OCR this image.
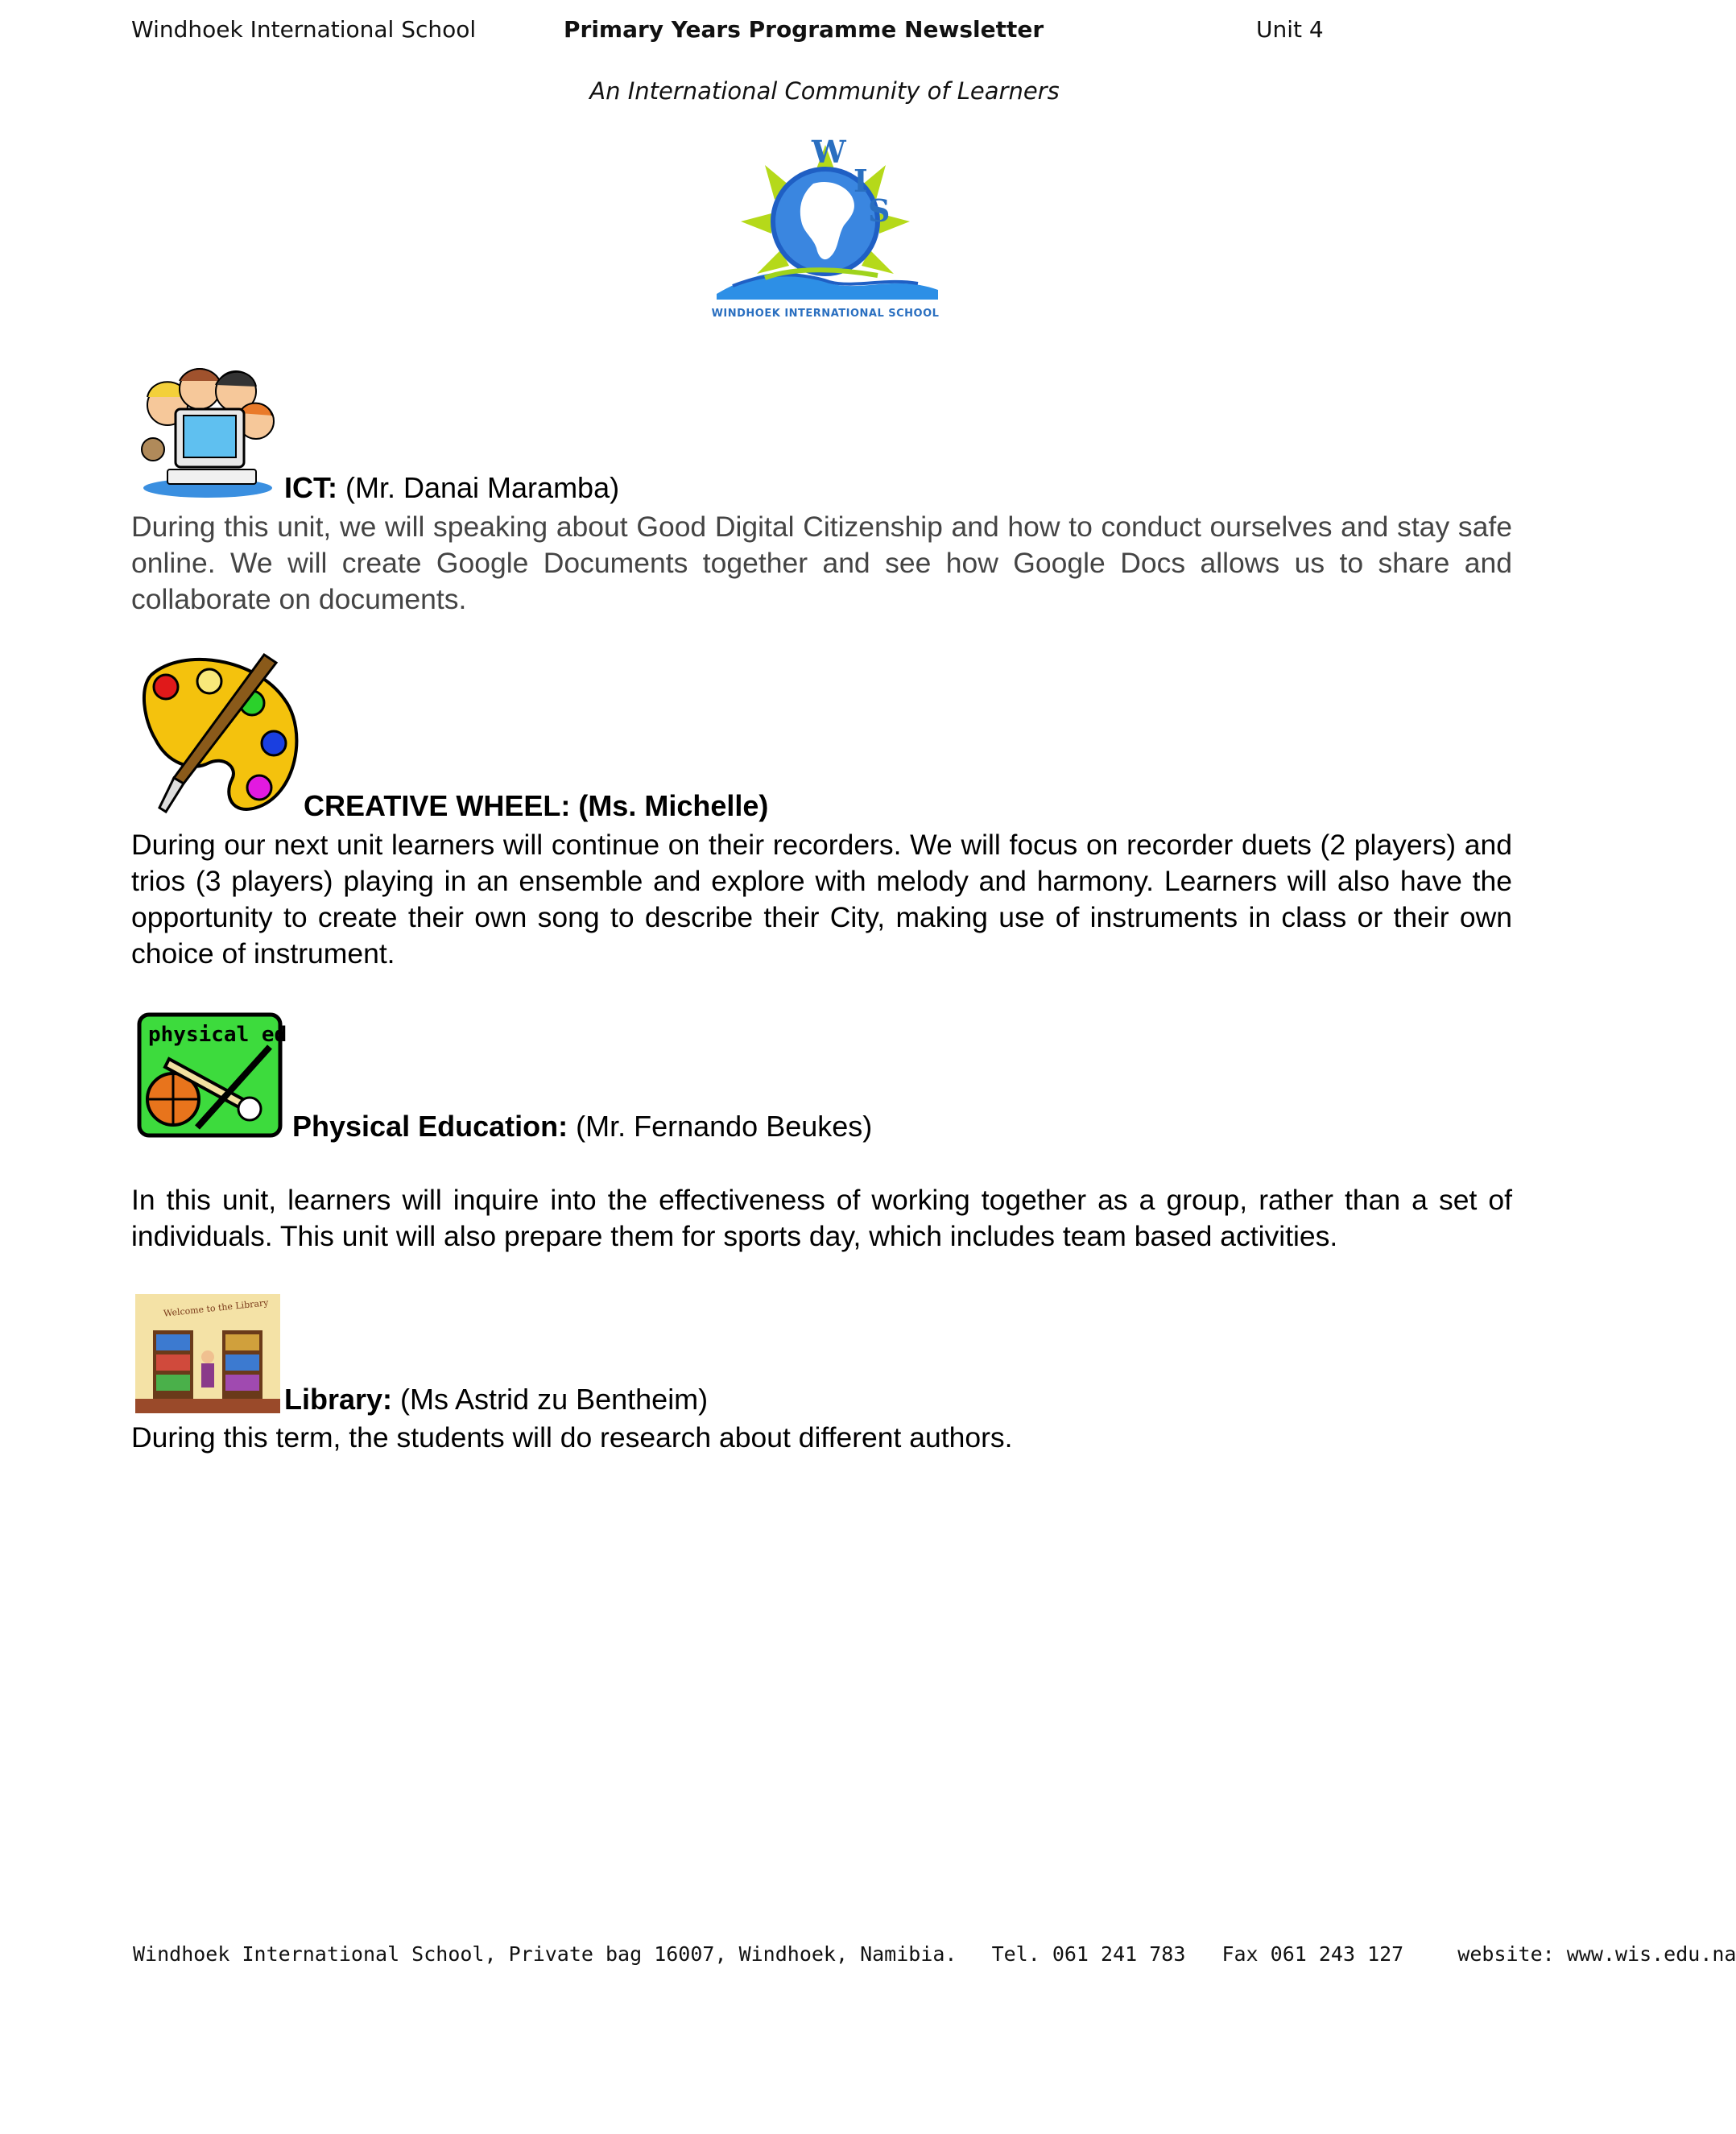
Windhoek International School	Primary Years Programme Newsletter	Unit 4
An International Community of Learners
W
I
S
WINDHOEK INTERNATIONAL SCHOOL
ICT: (Mr. Danai Maramba)
During this unit, we will speaking about Good Digital Citizenship and how to conduct ourselves and stay safe online. We will create Google Documents together and see how Google Docs allows us to share and collaborate on documents.
CREATIVE WHEEL: (Ms. Michelle)
During our next unit learners will continue on their recorders. We will focus on recorder duets (2 players) and trios (3 players) playing in an ensemble and explore with melody and harmony. Learners will also have the opportunity to create their own song to describe their City, making use of instruments in class or their own choice of instrument.
physical ed
Physical Education: (Mr. Fernando Beukes)
In this unit, learners will inquire into the effectiveness of working together as a group, rather than a set of individuals. This unit will also prepare them for sports day, which includes team based activities.
Welcome to the Library
Library: (Ms Astrid zu Bentheim)
During this term, the students will do research about different authors.
Windhoek International School, Private bag 16007, Windhoek, Namibia. Tel. 061 241 783 Fax 061 243 127	website: www.wis.edu.na
